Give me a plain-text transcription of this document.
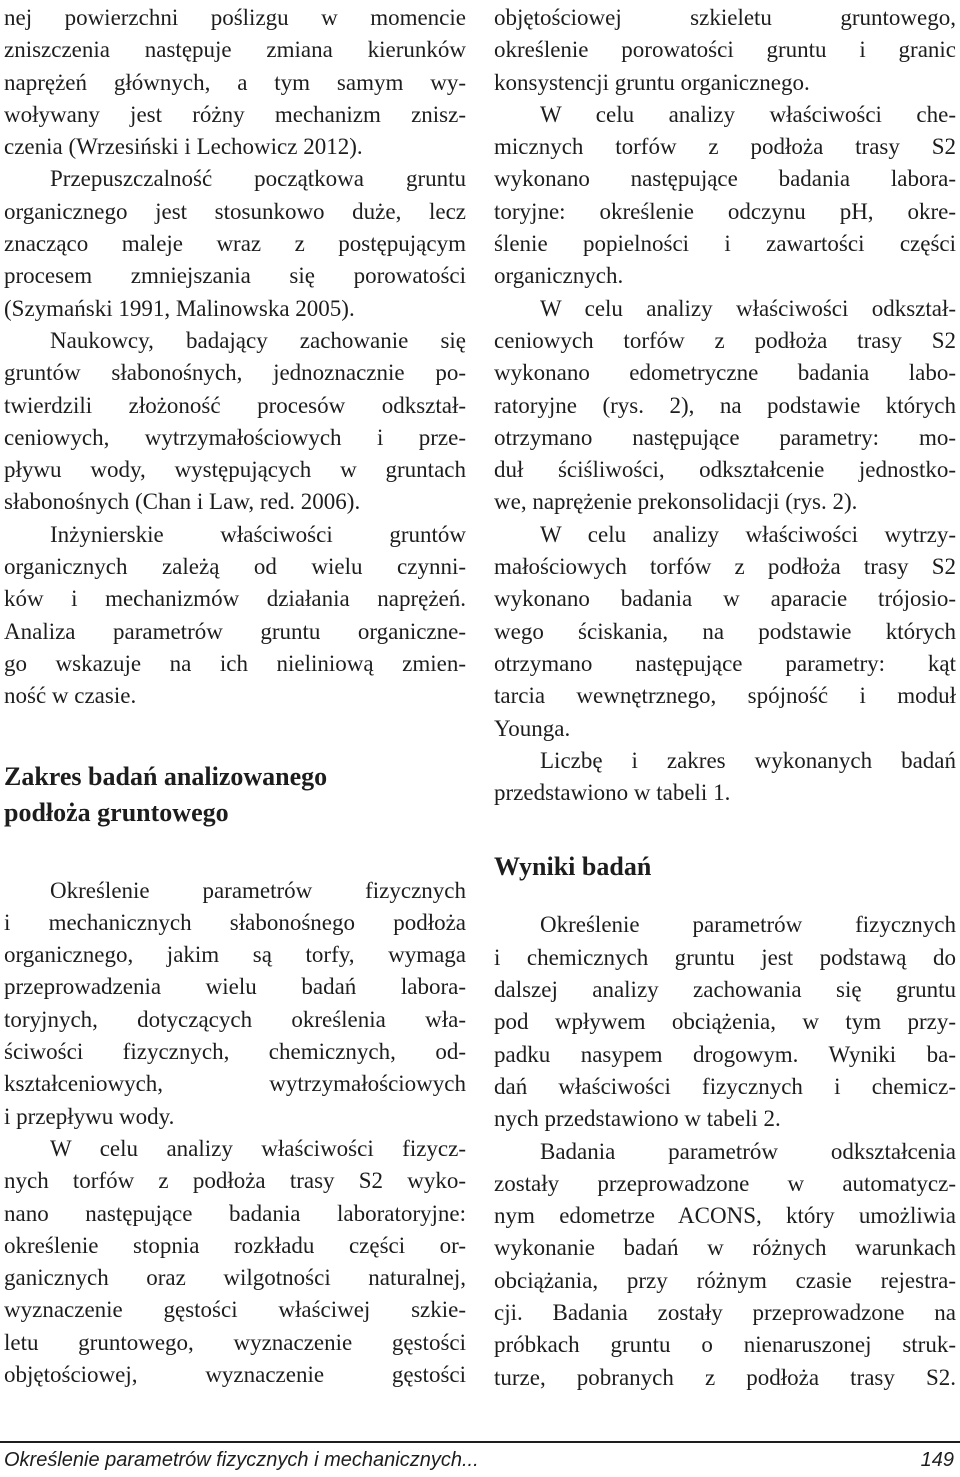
nej powierzchni poślizgu w momencie
zniszczenia następuje zmiana kierunków
naprężeń głównych, a tym samym wy-
woływany jest różny mechanizm znisz-
czenia (Wrzesiński i Lechowicz 2012).
Przepuszczalność początkowa gruntu
organicznego jest stosunkowo duże, lecz
znacząco maleje wraz z postępującym
procesem zmniejszania się porowatości
(Szymański 1991, Malinowska 2005).
Naukowcy, badający zachowanie się
gruntów słabonośnych, jednoznacznie po-
twierdzili złożoność procesów odkształ-
ceniowych, wytrzymałościowych i prze-
pływu wody, występujących w gruntach
słabonośnych (Chan i Law, red. 2006).
Inżynierskie właściwości gruntów
organicznych zależą od wielu czynni-
ków i mechanizmów działania naprężeń.
Analiza parametrów gruntu organiczne-
go wskazuje na ich nieliniową zmien-
ność w czasie.
Zakres badań analizowanego
podłoża gruntowego
Określenie parametrów fizycznych
i mechanicznych słabonośnego podłoża
organicznego, jakim są torfy, wymaga
przeprowadzenia wielu badań labora-
toryjnych, dotyczących określenia wła-
ściwości fizycznych, chemicznych, od-
kształceniowych, wytrzymałościowych
i przepływu wody.
W celu analizy właściwości fizycz-
nych torfów z podłoża trasy S2 wyko-
nano następujące badania laboratoryjne:
określenie stopnia rozkładu części or-
ganicznych oraz wilgotności naturalnej,
wyznaczenie gęstości właściwej szkie-
letu gruntowego, wyznaczenie gęstości
objętościowej, wyznaczenie gęstości
objętościowej szkieletu gruntowego,
określenie porowatości gruntu i granic
konsystencji gruntu organicznego.
W celu analizy właściwości che-
micznych torfów z podłoża trasy S2
wykonano następujące badania labora-
toryjne: określenie odczynu pH, okre-
ślenie popielności i zawartości części
organicznych.
W celu analizy właściwości odkształ-
ceniowych torfów z podłoża trasy S2
wykonano edometryczne badania labo-
ratoryjne (rys. 2), na podstawie których
otrzymano następujące parametry: mo-
duł ściśliwości, odkształcenie jednostko-
we, naprężenie prekonsolidacji (rys. 2).
W celu analizy właściwości wytrzy-
małościowych torfów z podłoża trasy S2
wykonano badania w aparacie trójosio-
wego ściskania, na podstawie których
otrzymano następujące parametry: kąt
tarcia wewnętrznego, spójność i moduł
Younga.
Liczbę i zakres wykonanych badań
przedstawiono w tabeli 1.
Wyniki badań
Określenie parametrów fizycznych
i chemicznych gruntu jest podstawą do
dalszej analizy zachowania się gruntu
pod wpływem obciążenia, w tym przy-
padku nasypem drogowym. Wyniki ba-
dań właściwości fizycznych i chemicz-
nych przedstawiono w tabeli 2.
Badania parametrów odkształcenia
zostały przeprowadzone w automatycz-
nym edometrze ACONS, który umożliwia
wykonanie badań w różnych warunkach
obciążania, przy różnym czasie rejestra-
cji. Badania zostały przeprowadzone na
próbkach gruntu o nienaruszonej struk-
turze, pobranych z podłoża trasy S2.
Określenie parametrów fizycznych i mechanicznych...	149
